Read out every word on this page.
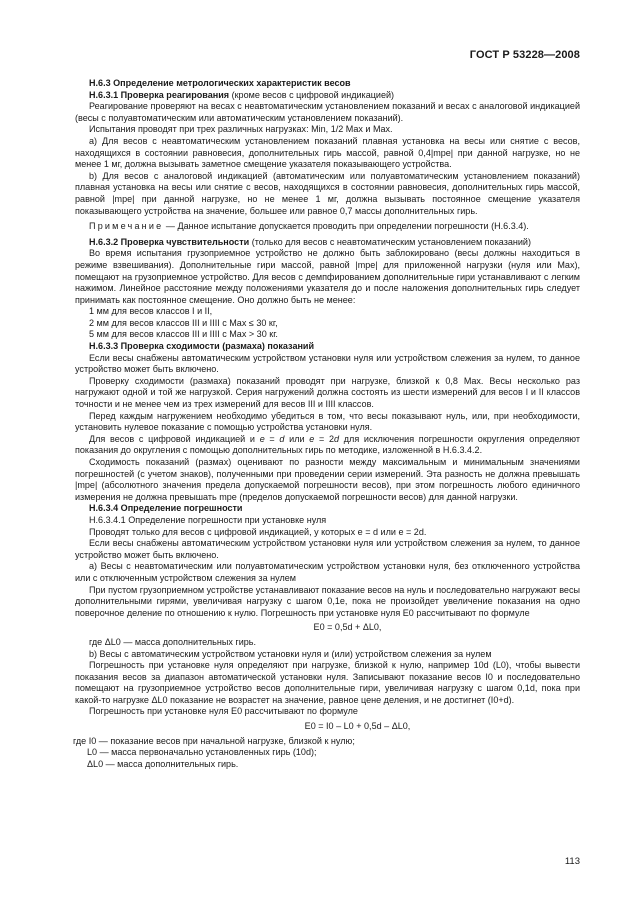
ГОСТ Р 53228—2008

Н.6.3 Определение метрологических характеристик весов

Н.6.3.1 Проверка реагирования (кроме весов с цифровой индикацией)

Реагирование проверяют на весах с неавтоматическим установлением показаний и весах с аналоговой индикацией (весы с полуавтоматическим или автоматическим установлением показаний).

Испытания проводят при трех различных нагрузках: Min, 1/2 Max и Max.

а) Для весов с неавтоматическим установлением показаний плавная установка на весы или снятие с весов, находящихся в состоянии равновесия, дополнительных гирь массой, равной 0,4|mpe| при данной нагрузке, но не менее 1 мг, должна вызывать заметное смещение указателя показывающего устройства.

b) Для весов с аналоговой индикацией (автоматическим или полуавтоматическим установлением показаний) плавная установка на весы или снятие с весов, находящихся в состоянии равновесия, дополнительных гирь массой, равной |mpe| при данной нагрузке, но не менее 1 мг, должна вызывать постоянное смещение указателя показывающего устройства на значение, большее или равное 0,7 массы дополнительных гирь.

Примечание — Данное испытание допускается проводить при определении погрешности (Н.6.3.4).

Н.6.3.2 Проверка чувствительности (только для весов с неавтоматическим установлением показаний)

Во время испытания грузоприемное устройство не должно быть заблокировано (весы должны находиться в режиме взвешивания). Дополнительные гири массой, равной |mpe| для приложенной нагрузки (нуля или Max), помещают на грузоприемное устройство. Для весов с демпфированием дополнительные гири устанавливают с легким нажимом. Линейное расстояние между положениями указателя до и после наложения дополнительных гирь следует принимать как постоянное смещение. Оно должно быть не менее:

1 мм для весов классов I и II,

2 мм для весов классов III и IIII с Max ≤ 30 кг,

5 мм для весов классов III и IIII с Max > 30 кг.

Н.6.3.3 Проверка сходимости (размаха) показаний

Если весы снабжены автоматическим устройством установки нуля или устройством слежения за нулем, то данное устройство может быть включено.

Проверку сходимости (размаха) показаний проводят при нагрузке, близкой к 0,8 Max. Весы несколько раз нагружают одной и той же нагрузкой. Серия нагружений должна состоять из шести измерений для весов I и II классов точности и не менее чем из трех измерений для весов III и IIII классов.

Перед каждым нагружением необходимо убедиться в том, что весы показывают нуль, или, при необходимости, установить нулевое показание с помощью устройства установки нуля.

Для весов с цифровой индикацией и e = d или e = 2d для исключения погрешности округления определяют показания до округления с помощью дополнительных гирь по методике, изложенной в Н.6.3.4.2.

Сходимость показаний (размах) оценивают по разности между максимальным и минимальным значениями погрешностей (с учетом знаков), полученными при проведении серии измерений. Эта разность не должна превышать |mpe| (абсолютного значения предела допускаемой погрешности весов), при этом погрешность любого единичного измерения не должна превышать mpe (пределов допускаемой погрешности весов) для данной нагрузки.

Н.6.3.4 Определение погрешности

Н.6.3.4.1 Определение погрешности при установке нуля

Проводят только для весов с цифровой индикацией, у которых e = d или e = 2d.

Если весы снабжены автоматическим устройством установки нуля или устройством слежения за нулем, то данное устройство может быть включено.

а) Весы с неавтоматическим или полуавтоматическим устройством установки нуля, без отключенного устройства или с отключенным устройством слежения за нулем

При пустом грузоприемном устройстве устанавливают показание весов на нуль и последовательно нагружают весы дополнительными гирями, увеличивая нагрузку с шагом 0,1e, пока не произойдет увеличение показания на одно поверочное деление по отношению к нулю. Погрешность при установке нуля E0 рассчитывают по формуле

E0 = 0,5d + ΔL0,

где ΔL0 — масса дополнительных гирь.

b) Весы с автоматическим устройством установки нуля и (или) устройством слежения за нулем

Погрешность при установке нуля определяют при нагрузке, близкой к нулю, например 10d (L0), чтобы вывести показания весов за диапазон автоматической установки нуля. Записывают показание весов I0 и последовательно помещают на грузоприемное устройство весов дополнительные гири, увеличивая нагрузку с шагом 0,1d, пока при какой-то нагрузке ΔL0 показание не возрастет на значение, равное цене деления, и не достигнет (I0+d).

Погрешность при установке нуля E0 рассчитывают по формуле

E0 = I0 – L0 + 0,5d – ΔL0,

где I0 — показание весов при начальной нагрузке, близкой к нулю;

L0 — масса первоначально установленных гирь (10d);

ΔL0 — масса дополнительных гирь.

113
